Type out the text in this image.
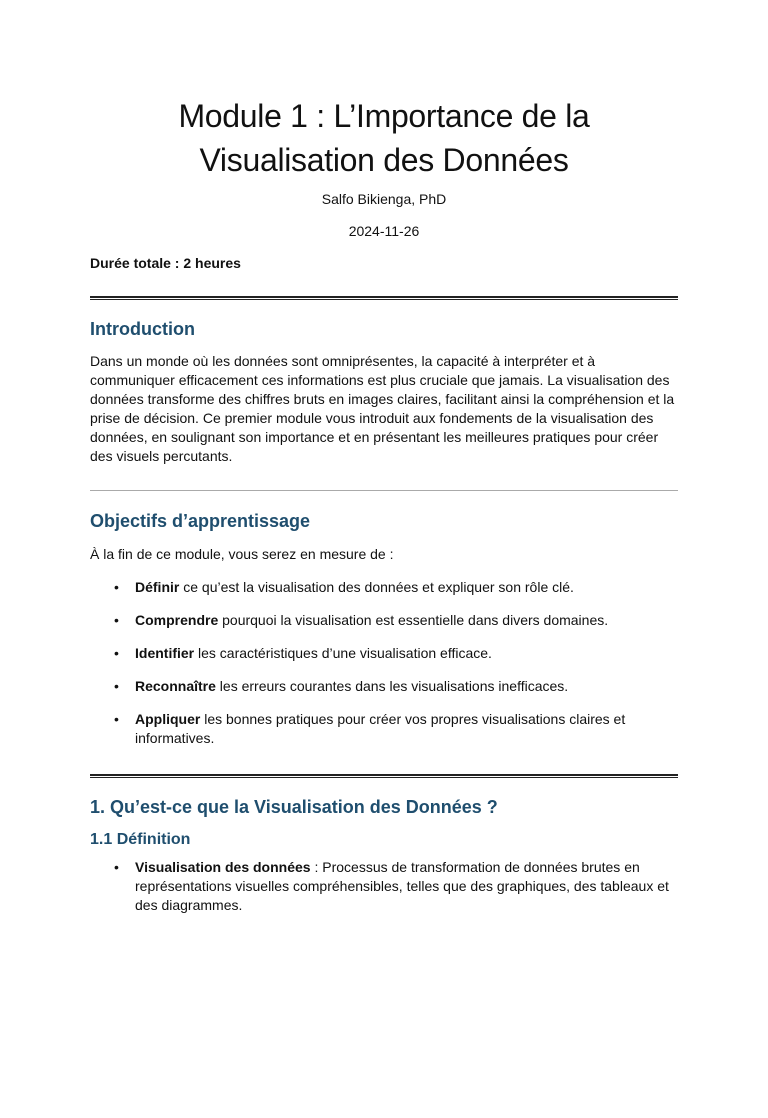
Module 1 : L’Importance de la Visualisation des Données

Salfo Bikienga, PhD

2024-11-26

Durée totale : 2 heures
Introduction

Dans un monde où les données sont omniprésentes, la capacité à interpréter et à communiquer efficacement ces informations est plus cruciale que jamais. La visualisation des données transforme des chiffres bruts en images claires, facilitant ainsi la compréhension et la prise de décision. Ce premier module vous introduit aux fondements de la visualisation des données, en soulignant son importance et en présentant les meilleures pratiques pour créer des visuels percutants.

Objectifs d’apprentissage

À la fin de ce module, vous serez en mesure de :

• Définir ce qu’est la visualisation des données et expliquer son rôle clé.
• Comprendre pourquoi la visualisation est essentielle dans divers domaines.
• Identifier les caractéristiques d’une visualisation efficace.
• Reconnaître les erreurs courantes dans les visualisations inefficaces.
• Appliquer les bonnes pratiques pour créer vos propres visualisations claires et informatives.
1. Qu’est-ce que la Visualisation des Données ?
1.1 Définition
• Visualisation des données : Processus de transformation de données brutes en représentations visuelles compréhensibles, telles que des graphiques, des tableaux et des diagrammes.
